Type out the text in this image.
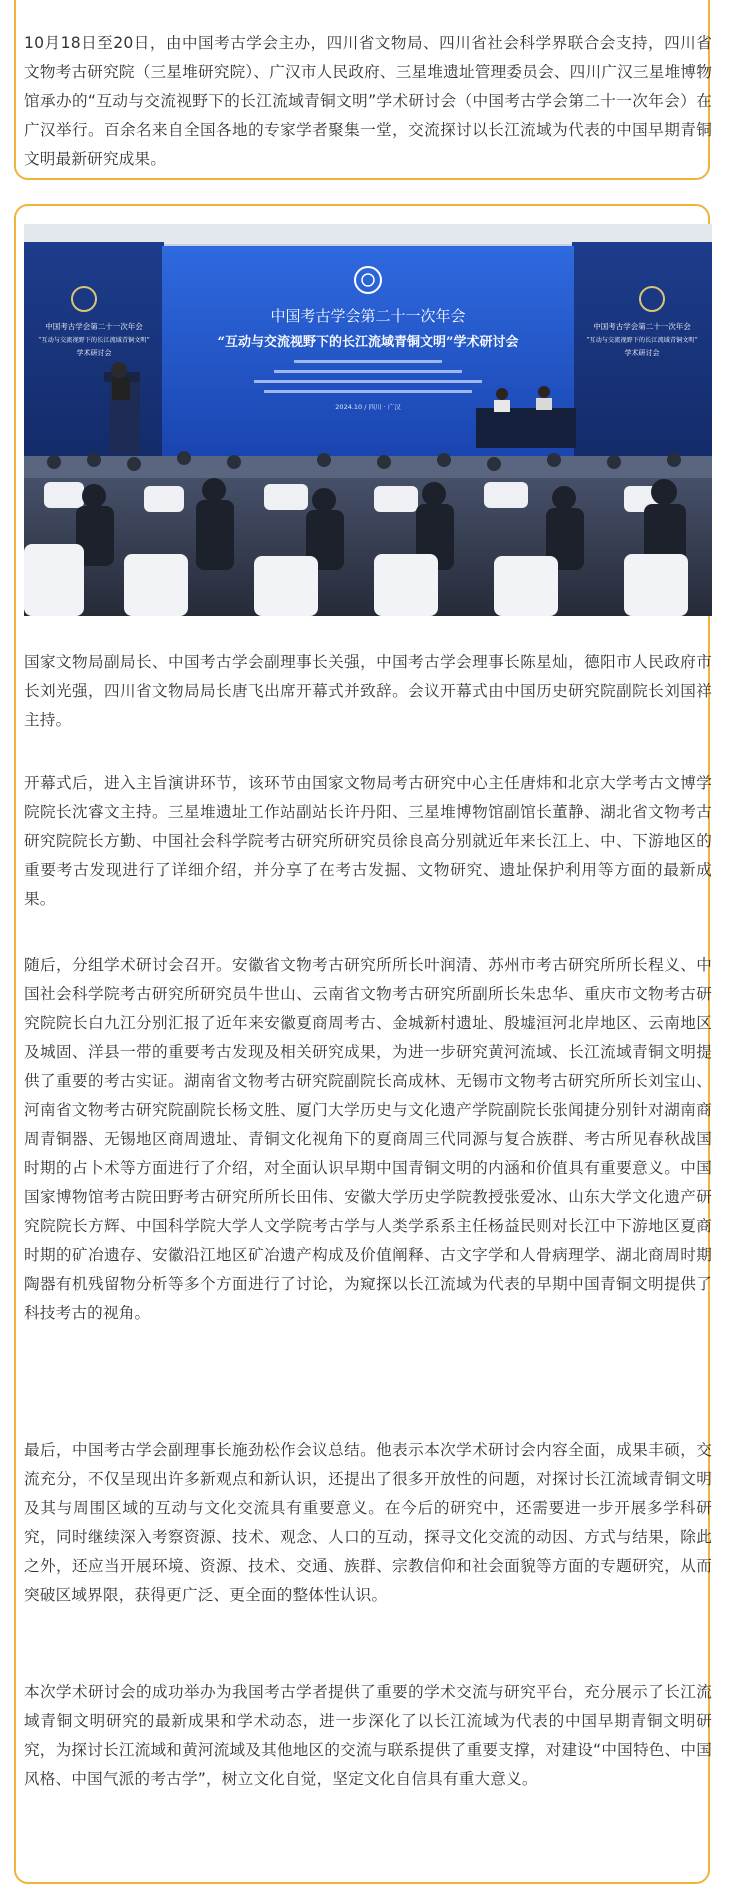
10月18日至20日，由中国考古学会主办，四川省文物局、四川省社会科学界联合会支持，四川省文物考古研究院（三星堆研究院）、广汉市人民政府、三星堆遗址管理委员会、四川广汉三星堆博物馆承办的“互动与交流视野下的长江流域青铜文明”学术研讨会（中国考古学会第二十一次年会）在广汉举行。百余名来自全国各地的专家学者聚集一堂，交流探讨以长江流域为代表的中国早期青铜文明最新研究成果。

中国考古学会第二十一次年会
“互动与交流视野下的长江流域青铜文明”
学术研讨会
中国考古学会第二十一次年会
“互动与交流视野下的长江流域青铜文明”
学术研讨会
中国考古学会第二十一次年会
“互动与交流视野下的长江流域青铜文明”学术研讨会
2024.10 / 四川 · 广汉

国家文物局副局长、中国考古学会副理事长关强，中国考古学会理事长陈星灿，德阳市人民政府市长刘光强，四川省文物局局长唐飞出席开幕式并致辞。会议开幕式由中国历史研究院副院长刘国祥主持。

开幕式后，进入主旨演讲环节，该环节由国家文物局考古研究中心主任唐炜和北京大学考古文博学院院长沈睿文主持。三星堆遗址工作站副站长许丹阳、三星堆博物馆副馆长董静、湖北省文物考古研究院院长方勤、中国社会科学院考古研究所研究员徐良高分别就近年来长江上、中、下游地区的重要考古发现进行了详细介绍，并分享了在考古发掘、文物研究、遗址保护利用等方面的最新成果。

随后，分组学术研讨会召开。安徽省文物考古研究所所长叶润清、苏州市考古研究所所长程义、中国社会科学院考古研究所研究员牛世山、云南省文物考古研究所副所长朱忠华、重庆市文物考古研究院院长白九江分别汇报了近年来安徽夏商周考古、金城新村遗址、殷墟洹河北岸地区、云南地区及城固、洋县一带的重要考古发现及相关研究成果，为进一步研究黄河流域、长江流域青铜文明提供了重要的考古实证。湖南省文物考古研究院副院长高成林、无锡市文物考古研究所所长刘宝山、河南省文物考古研究院副院长杨文胜、厦门大学历史与文化遗产学院副院长张闻捷分别针对湖南商周青铜器、无锡地区商周遗址、青铜文化视角下的夏商周三代同源与复合族群、考古所见春秋战国时期的占卜术等方面进行了介绍，对全面认识早期中国青铜文明的内涵和价值具有重要意义。中国国家博物馆考古院田野考古研究所所长田伟、安徽大学历史学院教授张爱冰、山东大学文化遗产研究院院长方辉、中国科学院大学人文学院考古学与人类学系系主任杨益民则对长江中下游地区夏商时期的矿冶遗存、安徽沿江地区矿冶遗产构成及价值阐释、古文字学和人骨病理学、湖北商周时期陶器有机残留物分析等多个方面进行了讨论，为窥探以长江流域为代表的早期中国青铜文明提供了科技考古的视角。

最后，中国考古学会副理事长施劲松作会议总结。他表示本次学术研讨会内容全面，成果丰硕，交流充分，不仅呈现出许多新观点和新认识，还提出了很多开放性的问题，对探讨长江流域青铜文明及其与周围区域的互动与文化交流具有重要意义。在今后的研究中，还需要进一步开展多学科研究，同时继续深入考察资源、技术、观念、人口的互动，探寻文化交流的动因、方式与结果，除此之外，还应当开展环境、资源、技术、交通、族群、宗教信仰和社会面貌等方面的专题研究，从而突破区域界限，获得更广泛、更全面的整体性认识。

本次学术研讨会的成功举办为我国考古学者提供了重要的学术交流与研究平台，充分展示了长江流域青铜文明研究的最新成果和学术动态，进一步深化了以长江流域为代表的中国早期青铜文明研究，为探讨长江流域和黄河流域及其他地区的交流与联系提供了重要支撑，对建设“中国特色、中国风格、中国气派的考古学”，树立文化自觉，坚定文化自信具有重大意义。
